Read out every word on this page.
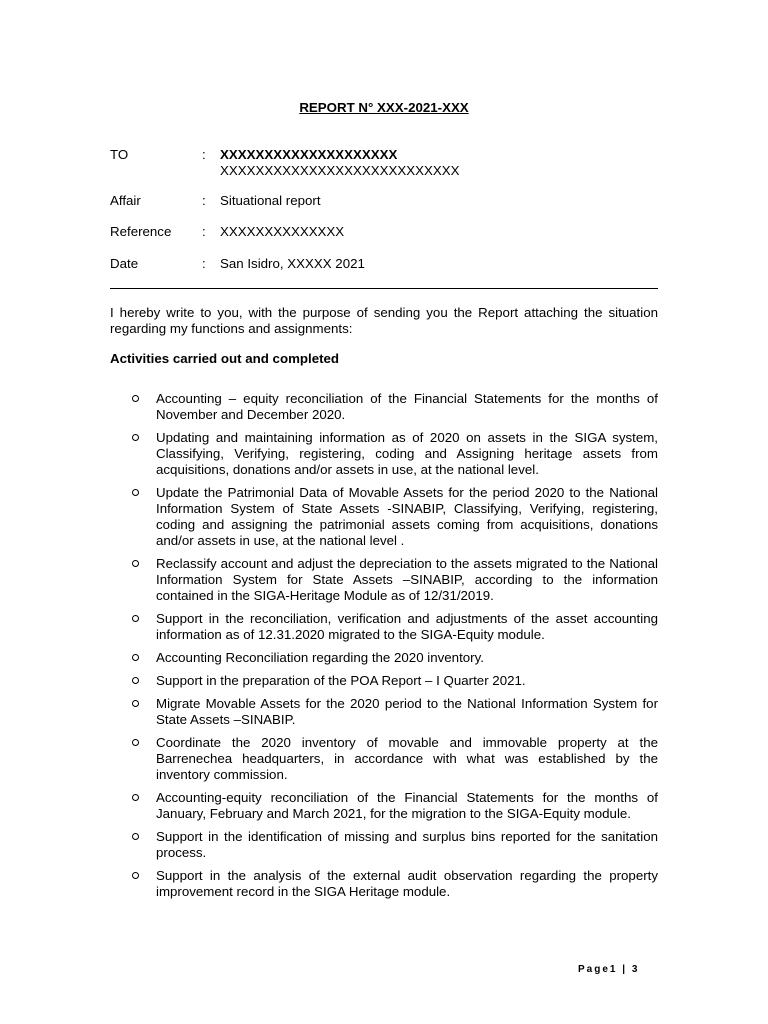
REPORT N° XXX-2021-XXX
TO	:	XXXXXXXXXXXXXXXXXXXX
XXXXXXXXXXXXXXXXXXXXXXXXXXX
Affair	:	Situational report
Reference	:	XXXXXXXXXXXXXX
Date	:	San Isidro, XXXXX 2021
I hereby write to you, with the purpose of sending you the Report attaching the situation regarding my functions and assignments:
Activities carried out and completed
Accounting – equity reconciliation of the Financial Statements for the months of November and December 2020.
Updating and maintaining information as of 2020 on assets in the SIGA system, Classifying, Verifying, registering, coding and Assigning heritage assets from acquisitions, donations and/or assets in use, at the national level.
Update the Patrimonial Data of Movable Assets for the period 2020 to the National Information System of State Assets -SINABIP, Classifying, Verifying, registering, coding and assigning the patrimonial assets coming from acquisitions, donations and/or assets in use, at the national level .
Reclassify account and adjust the depreciation to the assets migrated to the National Information System for State Assets –SINABIP, according to the information contained in the SIGA-Heritage Module as of 12/31/2019.
Support in the reconciliation, verification and adjustments of the asset accounting information as of 12.31.2020 migrated to the SIGA-Equity module.
Accounting Reconciliation regarding the 2020 inventory.
Support in the preparation of the POA Report – I Quarter 2021.
Migrate Movable Assets for the 2020 period to the National Information System for State Assets –SINABIP.
Coordinate the 2020 inventory of movable and immovable property at the Barrenechea headquarters, in accordance with what was established by the inventory commission.
Accounting-equity reconciliation of the Financial Statements for the months of January, February and March 2021, for the migration to the SIGA-Equity module.
Support in the identification of missing and surplus bins reported for the sanitation process.
Support in the analysis of the external audit observation regarding the property improvement record in the SIGA Heritage module.
Page1 | 3
